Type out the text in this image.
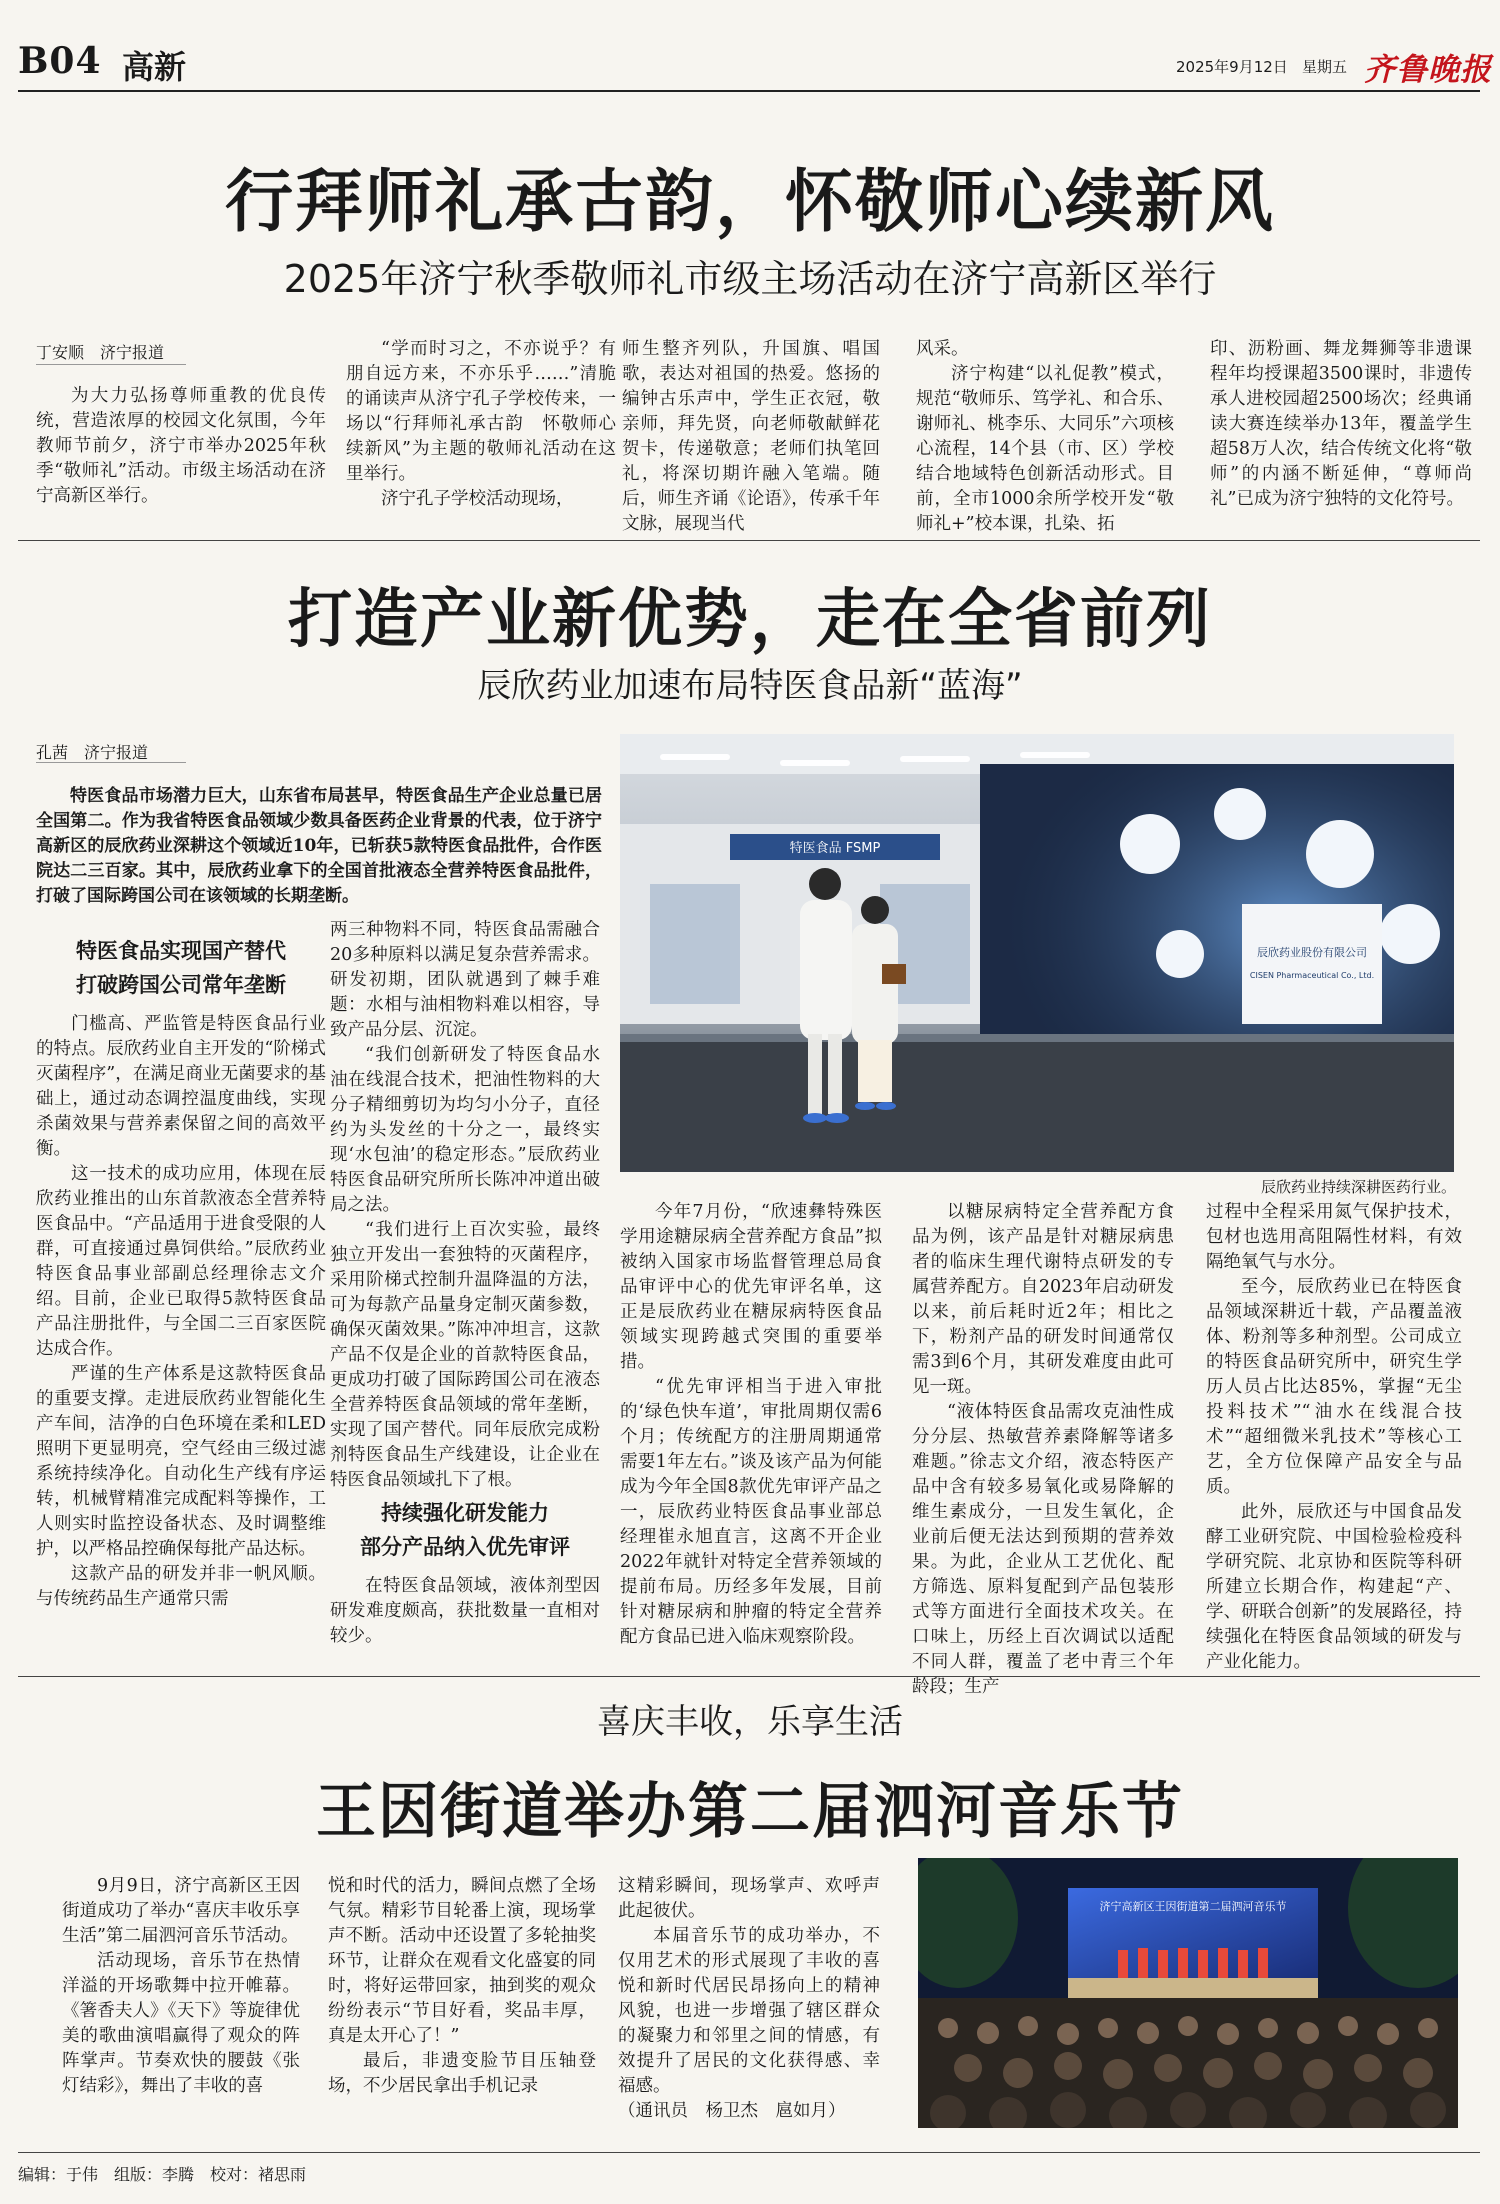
B04 高新	2025年9月12日 星期五 齐鲁晚报
行拜师礼承古韵，怀敬师心续新风
2025年济宁秋季敬师礼市级主场活动在济宁高新区举行
丁安顺　济宁报道

为大力弘扬尊师重教的优良传统，营造浓厚的校园文化氛围，今年教师节前夕，济宁市举办2025年秋季“敬师礼”活动。市级主场活动在济宁高新区举行。

“学而时习之，不亦说乎？有朋自远方来，不亦乐乎……”清脆的诵读声从济宁孔子学校传来，一场以“行拜师礼承古韵　怀敬师心续新风”为主题的敬师礼活动在这里举行。

济宁孔子学校活动现场，

师生整齐列队，升国旗、唱国歌，表达对祖国的热爱。悠扬的编钟古乐声中，学生正衣冠，敬亲师，拜先贤，向老师敬献鲜花贺卡，传递敬意；老师们执笔回礼，将深切期许融入笔端。随后，师生齐诵《论语》，传承千年文脉，展现当代

风采。

济宁构建“以礼促教”模式，规范“敬师乐、笃学礼、和合乐、谢师礼、桃李乐、大同乐”六项核心流程，14个县（市、区）学校结合地域特色创新活动形式。目前，全市1000余所学校开发“敬师礼+”校本课，扎染、拓

印、沥粉画、舞龙舞狮等非遗课程年均授课超3500课时，非遗传承人进校园超2500场次；经典诵读大赛连续举办13年，覆盖学生超58万人次，结合传统文化将“敬师”的内涵不断延伸，“尊师尚礼”已成为济宁独特的文化符号。

打造产业新优势，走在全省前列
辰欣药业加速布局特医食品新“蓝海”
孔茜　济宁报道
特医食品市场潜力巨大，山东省布局甚早，特医食品生产企业总量已居全国第二。作为我省特医食品领域少数具备医药企业背景的代表，位于济宁高新区的辰欣药业深耕这个领域近10年，已斩获5款特医食品批件，合作医院达二三百家。其中，辰欣药业拿下的全国首批液态全营养特医食品批件，打破了国际跨国公司在该领域的长期垄断。
辰欣药业股份有限公司
CISEN Pharmaceutical Co., Ltd.
特医食品 FSMP
辰欣药业持续深耕医药行业。
特医食品实现国产替代
打破跨国公司常年垄断

门槛高、严监管是特医食品行业的特点。辰欣药业自主开发的“阶梯式灭菌程序”，在满足商业无菌要求的基础上，通过动态调控温度曲线，实现杀菌效果与营养素保留之间的高效平衡。

这一技术的成功应用，体现在辰欣药业推出的山东首款液态全营养特医食品中。“产品适用于进食受限的人群，可直接通过鼻饲供给。”辰欣药业特医食品事业部副总经理徐志文介绍。目前，企业已取得5款特医食品产品注册批件，与全国二三百家医院达成合作。

严谨的生产体系是这款特医食品的重要支撑。走进辰欣药业智能化生产车间，洁净的白色环境在柔和LED照明下更显明亮，空气经由三级过滤系统持续净化。自动化生产线有序运转，机械臂精准完成配料等操作，工人则实时监控设备状态、及时调整维护，以严格品控确保每批产品达标。

这款产品的研发并非一帆风顺。与传统药品生产通常只需

两三种物料不同，特医食品需融合20多种原料以满足复杂营养需求。研发初期，团队就遇到了棘手难题：水相与油相物料难以相容，导致产品分层、沉淀。

“我们创新研发了特医食品水油在线混合技术，把油性物料的大分子精细剪切为均匀小分子，直径约为头发丝的十分之一，最终实现‘水包油’的稳定形态。”辰欣药业特医食品研究所所长陈冲冲道出破局之法。

“我们进行上百次实验，最终独立开发出一套独特的灭菌程序，采用阶梯式控制升温降温的方法，可为每款产品量身定制灭菌参数，确保灭菌效果。”陈冲冲坦言，这款产品不仅是企业的首款特医食品，更成功打破了国际跨国公司在液态全营养特医食品领域的常年垄断，实现了国产替代。同年辰欣完成粉剂特医食品生产线建设，让企业在特医食品领域扎下了根。

持续强化研发能力
部分产品纳入优先审评

在特医食品领域，液体剂型因研发难度颇高，获批数量一直相对较少。

今年7月份，“欣速彝特殊医学用途糖尿病全营养配方食品”拟被纳入国家市场监督管理总局食品审评中心的优先审评名单，这正是辰欣药业在糖尿病特医食品领域实现跨越式突围的重要举措。

“优先审评相当于进入审批的‘绿色快车道’，审批周期仅需6个月；传统配方的注册周期通常需要1年左右。”谈及该产品为何能成为今年全国8款优先审评产品之一，辰欣药业特医食品事业部总经理崔永旭直言，这离不开企业2022年就针对特定全营养领域的提前布局。历经多年发展，目前针对糖尿病和肿瘤的特定全营养配方食品已进入临床观察阶段。

以糖尿病特定全营养配方食品为例，该产品是针对糖尿病患者的临床生理代谢特点研发的专属营养配方。自2023年启动研发以来，前后耗时近2年；相比之下，粉剂产品的研发时间通常仅需3到6个月，其研发难度由此可见一斑。

“液体特医食品需攻克油性成分分层、热敏营养素降解等诸多难题。”徐志文介绍，液态特医产品中含有较多易氧化或易降解的维生素成分，一旦发生氧化，企业前后便无法达到预期的营养效果。为此，企业从工艺优化、配方筛选、原料复配到产品包装形式等方面进行全面技术攻关。在口味上，历经上百次调试以适配不同人群，覆盖了老中青三个年龄段；生产

过程中全程采用氮气保护技术，包材也选用高阻隔性材料，有效隔绝氧气与水分。

至今，辰欣药业已在特医食品领域深耕近十载，产品覆盖液体、粉剂等多种剂型。公司成立的特医食品研究所中，研究生学历人员占比达85%，掌握“无尘投料技术”“油水在线混合技术”“超细微米乳技术”等核心工艺，全方位保障产品安全与品质。

此外，辰欣还与中国食品发酵工业研究院、中国检验检疫科学研究院、北京协和医院等科研所建立长期合作，构建起“产、学、研联合创新”的发展路径，持续强化在特医食品领域的研发与产业化能力。

喜庆丰收，乐享生活
王因街道举办第二届泗河音乐节

9月9日，济宁高新区王因街道成功了举办“喜庆丰收乐享生活”第二届泗河音乐节活动。

活动现场，音乐节在热情洋溢的开场歌舞中拉开帷幕。《箸香夫人》《天下》等旋律优美的歌曲演唱赢得了观众的阵阵掌声。节奏欢快的腰鼓《张灯结彩》，舞出了丰收的喜

悦和时代的活力，瞬间点燃了全场气氛。精彩节目轮番上演，现场掌声不断。活动中还设置了多轮抽奖环节，让群众在观看文化盛宴的同时，将好运带回家，抽到奖的观众纷纷表示“节目好看，奖品丰厚，真是太开心了！”

最后，非遗变脸节目压轴登场，不少居民拿出手机记录

这精彩瞬间，现场掌声、欢呼声此起彼伏。

本届音乐节的成功举办，不仅用艺术的形式展现了丰收的喜悦和新时代居民昂扬向上的精神风貌，也进一步增强了辖区群众的凝聚力和邻里之间的情感，有效提升了居民的文化获得感、幸福感。

（通讯员　杨卫杰　扈如月）

济宁高新区王因街道第二届泗河音乐节
编辑：于伟　组版：李腾　校对：褚思雨
